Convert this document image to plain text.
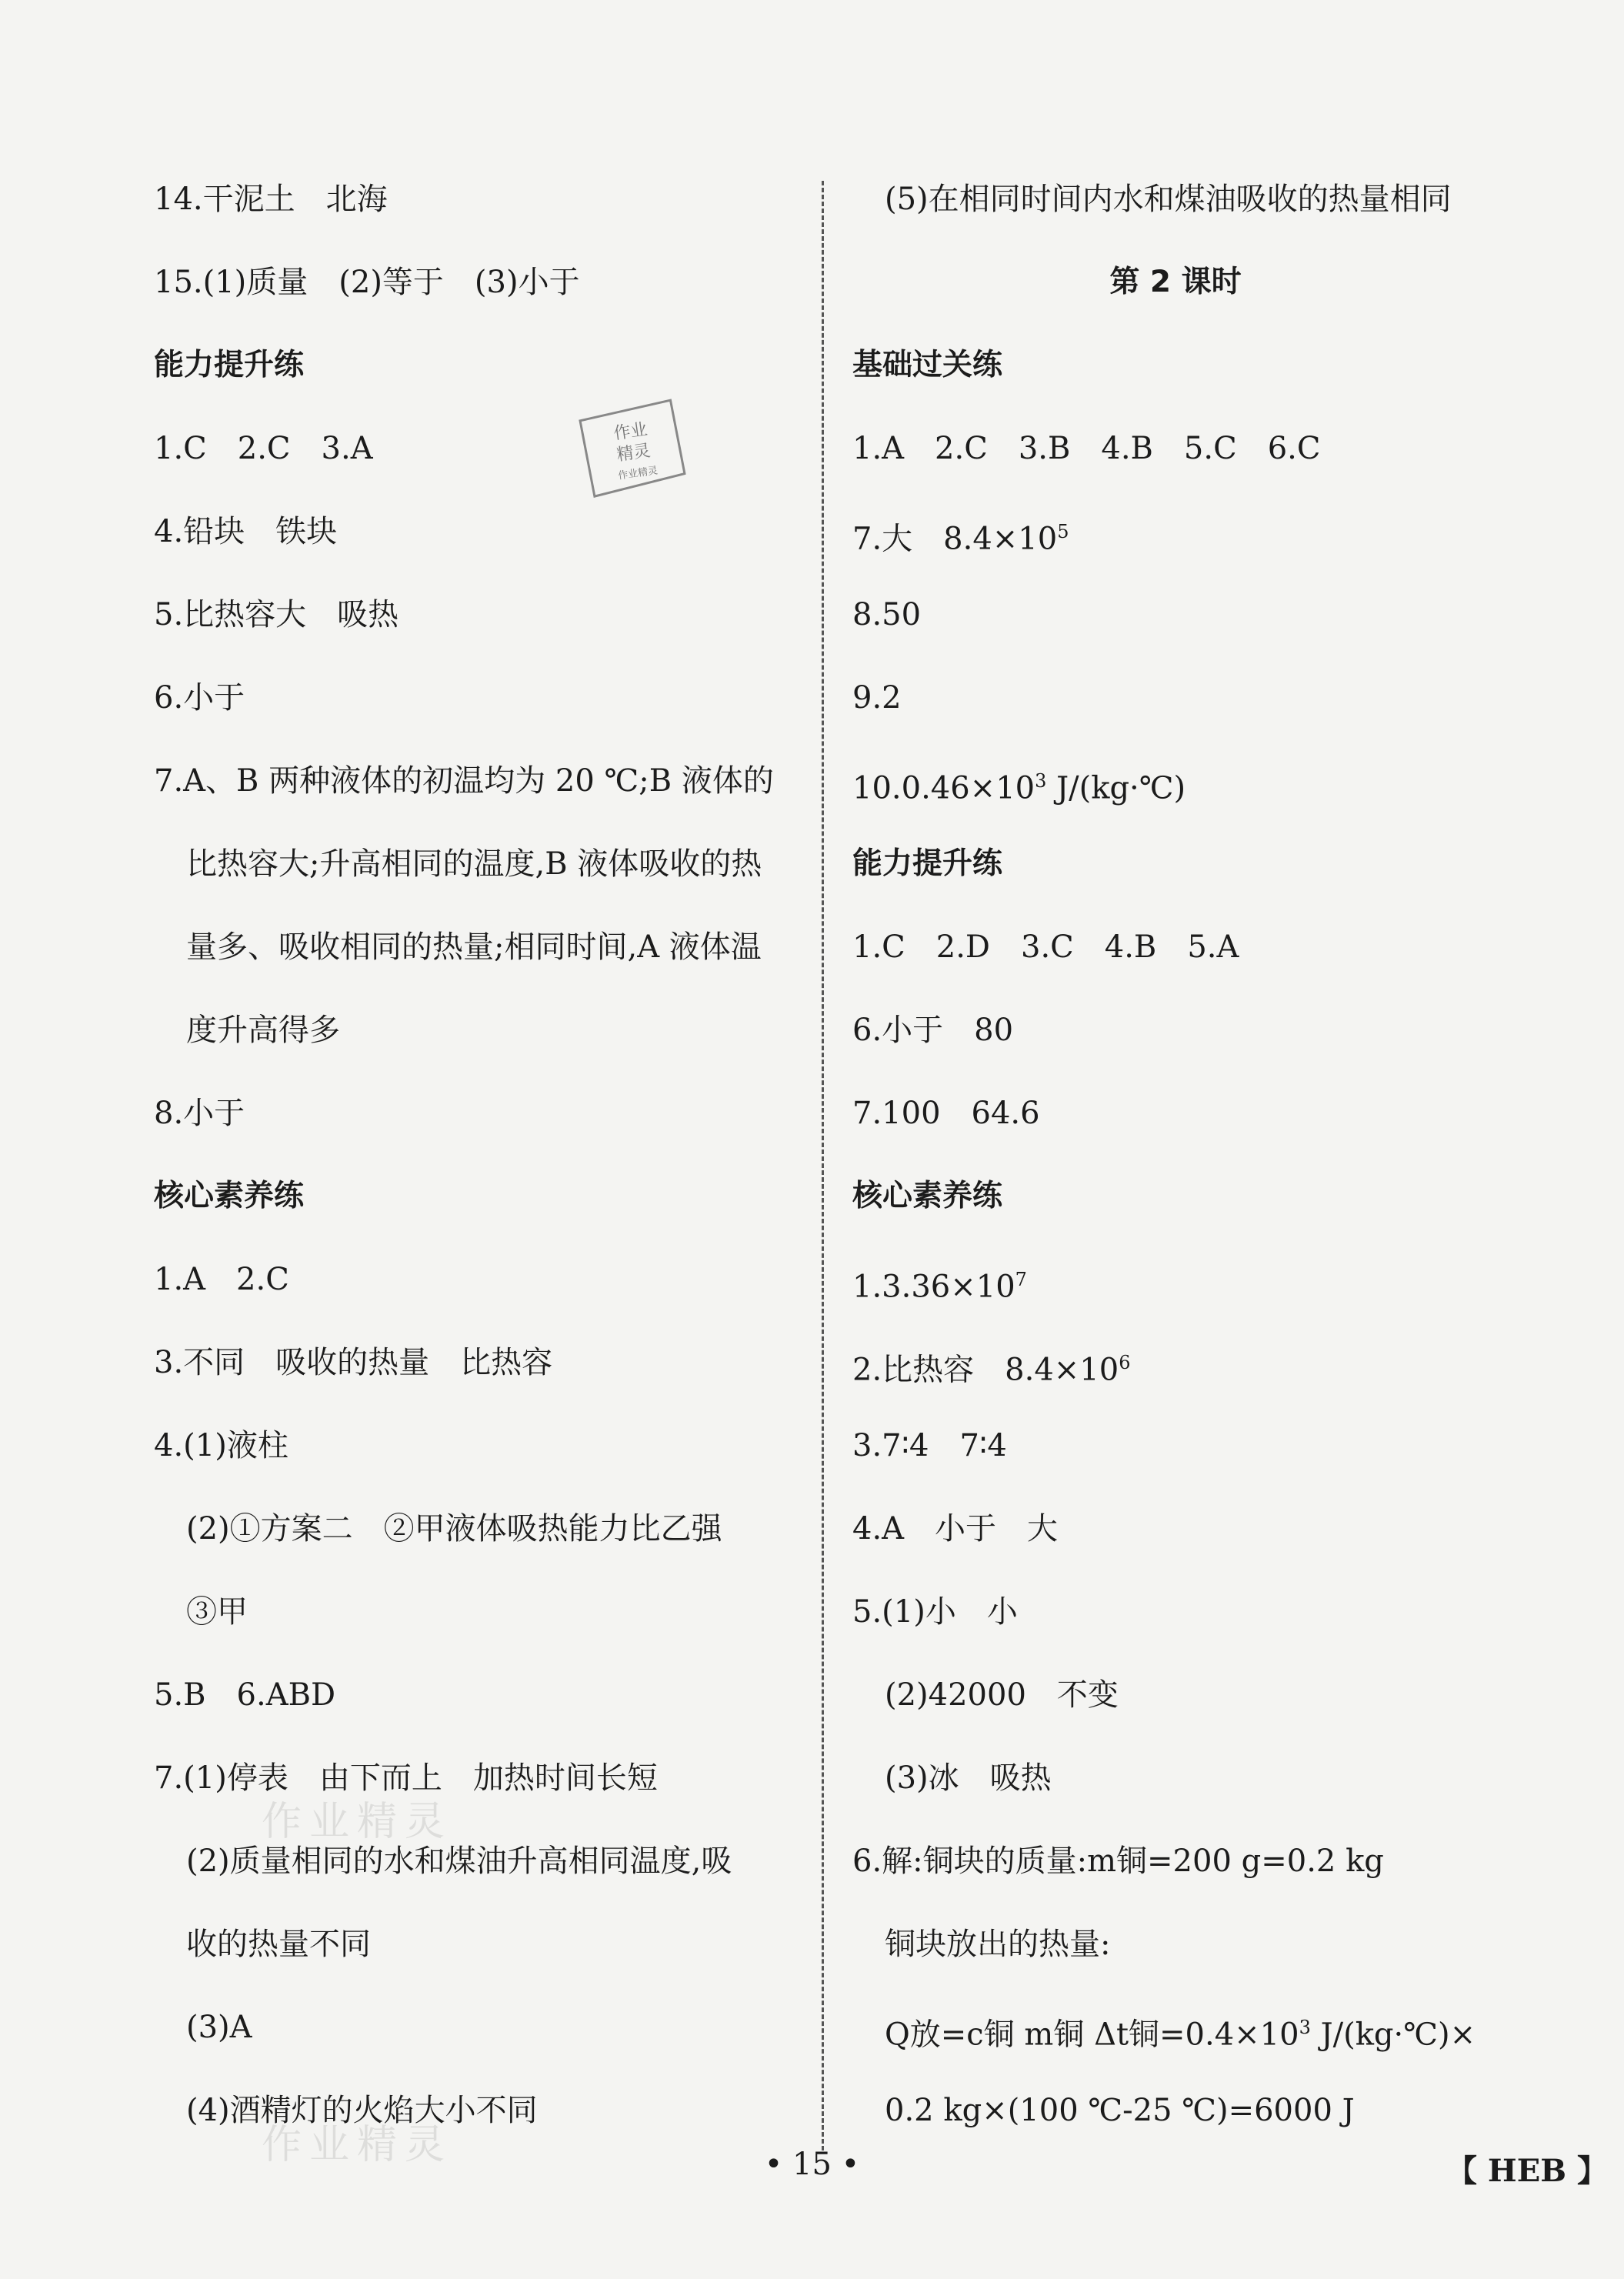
14.干泥土　北海
15.(1)质量　(2)等于　(3)小于
能力提升练
1.C　2.C　3.A
4.铅块　铁块
5.比热容大　吸热
6.小于
7.A、B 两种液体的初温均为 20 ℃;B 液体的
比热容大;升高相同的温度,B 液体吸收的热
量多、吸收相同的热量;相同时间,A 液体温
度升高得多
8.小于
核心素养练
1.A　2.C
3.不同　吸收的热量　比热容
4.(1)液柱
(2)①方案二　②甲液体吸热能力比乙强
③甲
5.B　6.ABD
7.(1)停表　由下而上　加热时间长短
(2)质量相同的水和煤油升高相同温度,吸
收的热量不同
(3)A
(4)酒精灯的火焰大小不同
(5)在相同时间内水和煤油吸收的热量相同
第 2 课时
基础过关练
1.A　2.C　3.B　4.B　5.C　6.C
7.大　$8.4\times 10^5$
8.50
9.2
$10.0.46\times 10^3$ J/(kg·℃)
能力提升练
1.C　2.D　3.C　4.B　5.A
6.小于　80
7.100　64.6
核心素养练
$1.3.36\times 10^7$
2.比热容　$8.4\times 10^6$
3.7∶4　7∶4
4.A　小于　大
5.(1)小　小
(2)42000　不变
(3)冰　吸热
6.解:铜块的质量:m铜=200 g=0.2 kg
铜块放出的热量:
Q放=c铜 m铜 Δt铜$=0.4\times 10^3$ J/(kg·℃)×
0.2 kg×(100 ℃-25 ℃)=6000 J
作业
精灵
作业精灵
作业精灵
作业精灵	• 15 •	【 HEB 】
